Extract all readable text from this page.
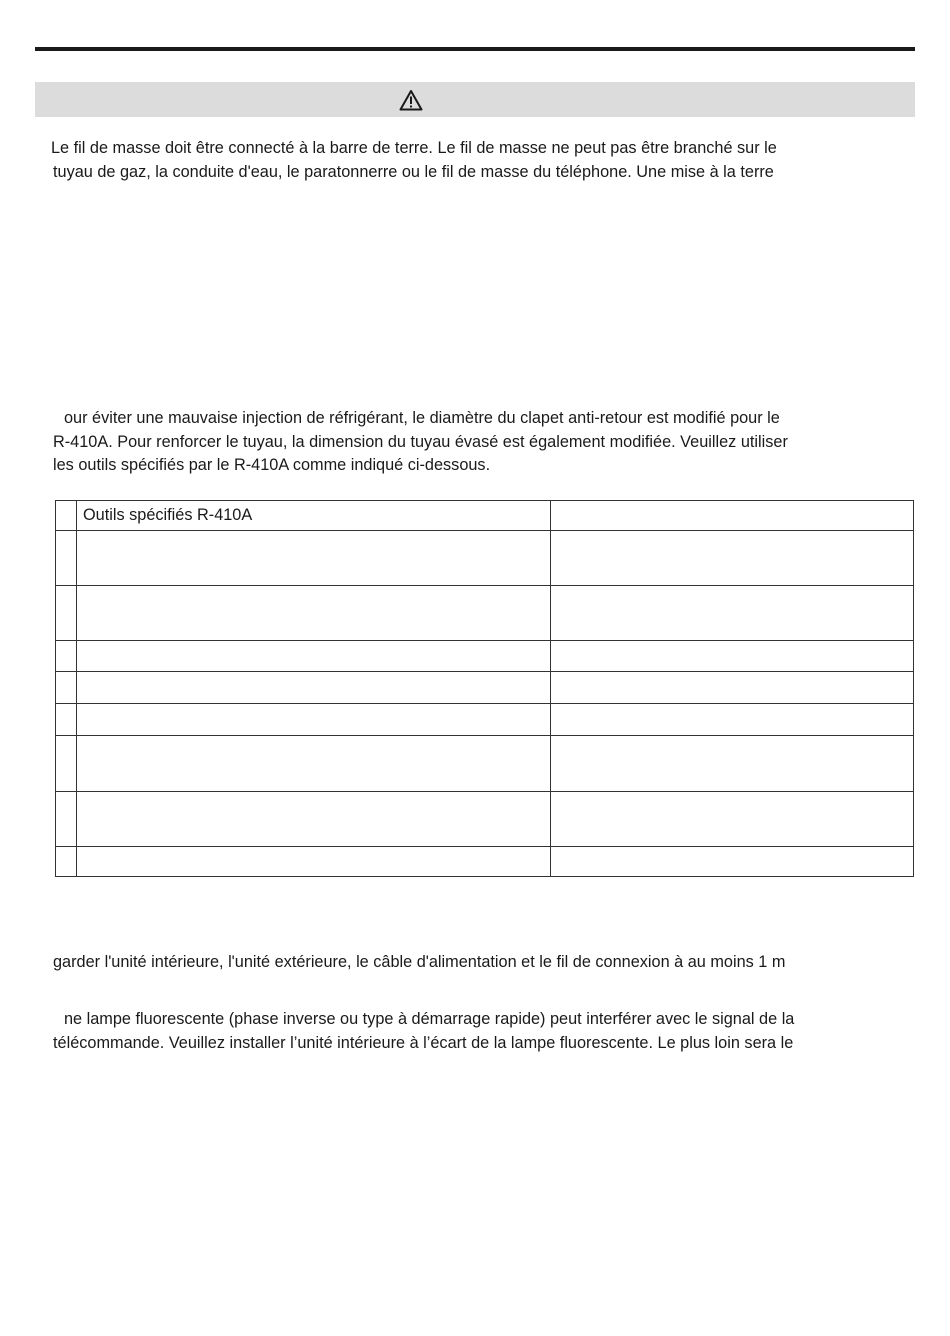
Le fil de masse doit être connecté à la barre de terre. Le fil de masse ne peut pas être branché sur le
tuyau de gaz, la conduite d'eau, le paratonnerre ou le fil de masse du téléphone. Une mise à la terre
our éviter une mauvaise injection de réfrigérant, le diamètre du clapet anti-retour est modifié pour le
R-410A. Pour renforcer le tuyau, la dimension du tuyau évasé est également modifiée. Veuillez utiliser
les outils spécifiés par le R-410A comme indiqué ci-dessous.
	Outils spécifiés R-410A	

garder l'unité intérieure, l'unité extérieure, le câble d'alimentation et le fil de connexion à au moins 1 m
ne lampe fluorescente (phase inverse ou type à démarrage rapide) peut interférer avec le signal de la
télécommande. Veuillez installer l’unité intérieure à l’écart de la lampe fluorescente. Le plus loin sera le
